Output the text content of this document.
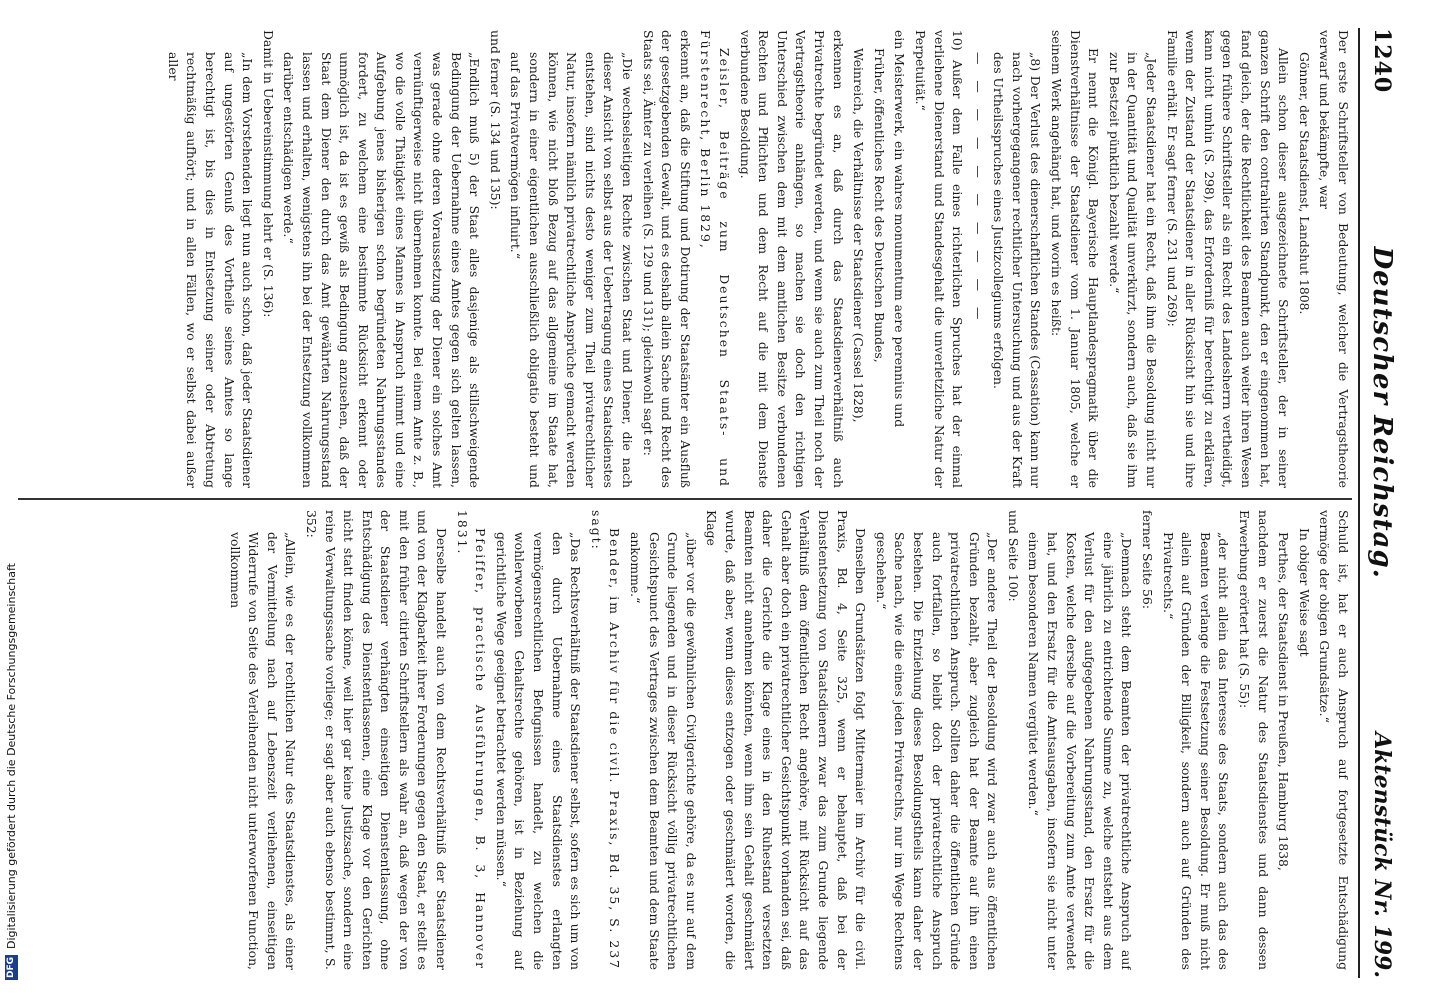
1240
Deutscher Reichstag.
Aktenstück Nr. 199.

Der erste Schriftsteller von Bedeutung, welcher die Vertragstheorie verwarf und bekämpfte, war

Gönner, der Staatsdienst, Landshut 1808.

Allein schon dieser ausgezeichnete Schriftsteller, der in seiner ganzen Schrift den contrahirten Standpunkt, den er eingenommen hat, fand gleich, der die Rechtlichkeit des Beamten auch weiter ihren Wesen gegen frühere Schriftsteller als ein Recht des Landesherrn vertheidigt, kann nicht umhin (S. 298), das Erforderniß für berechtigt zu erklären, wenn der Zustand der Staatsdiener in aller Rücksicht hin sie und ihre Familie erhält. Er sagt ferner (S. 231 und 269):

„Jeder Staatsdiener hat ein Recht, daß ihm die Besoldung nicht nur in der Quantität und Qualität unverkürzt, sondern auch, daß sie ihm zur Bestzeit pünktlich bezahlt werde.“

Er nennt die Königl. Bayerische Hauptlandespragmatik über die Dienstverhältnisse der Staatsdiener vom 1. Januar 1805, welche er seinem Werk angehängt hat, und worin es heißt:

„8) Der Verlust des dienerschaftlichen Standes (Cassation) kann nur nach vorhergegangener rechtlicher Untersuchung und aus der Kraft des Urtheilsspruches eines Justizcollegiums erfolgen.

— — — — — — — — — —

10) Außer dem Falle eines richterlichen Spruches hat der einmal verliehene Dienerstand und Standesgehalt die unverletzliche Natur der Perpetuität.“

ein Meisterwerk, ein wahres monumentum aere perennius und

Früher, öffentliches Recht des Deutschen Bundes,

Weinreich, die Verhältnisse der Staatsdiener (Cassel 1828),

erkennen es an, daß durch das Staatsdienerverhältniß auch Privatrechte begründet werden, und wenn sie auch zum Theil noch der Vertragstheorie anhängen, so machen sie doch den richtigen Unterschied zwischen dem mit dem amtlichen Besitze verbundenen Rechten und Pflichten und dem Recht auf die mit dem Dienste verbundene Besoldung.

Zeisler, Beiträge zum Deutschen Staats- und Fürstenrecht, Berlin 1829,

erkennt an, daß die Stiftung und Dotirung der Staatsämter ein Ausfluß der gesetzgebenden Gewalt, und es deshalb allein Sache und Recht des Staats sei, Ämter zu verleihen (S. 129 und 131); gleichwohl sagt er:

„Die wechselseitigen Rechte zwischen Staat und Diener, die nach dieser Ansicht von selbst aus der Uebertragung eines Staatsdienstes entstehen, sind nichts desto weniger zum Theil privatrechtlicher Natur, insofern nämlich privatrechtliche Ansprüche gemacht werden können, wie nicht bloß Bezug auf das allgemeine im Staate hat, sondern in einer eigentlichen ausschließlich obligatio besteht und auf das Privatvermögen influirt.“

und ferner (S. 134 und 135):

„Endlich muß 5) der Staat alles dasjenige als stillschweigende Bedingung der Uebernahme eines Amtes gegen sich gelten lassen, was gerade ohne deren Voraussetzung der Diener ein solches Amt vernünftigerweise nicht übernehmen konnte. Bei einem Amte z. B., wo die volle Thätigkeit eines Mannes in Anspruch nimmt und eine Aufgebung jenes bisherigen schon begründeten Nahrungsstandes fordert, zu welchem eine bestimmte Rücksicht erkennt oder unmöglich ist, da ist es gewiß als Bedingung anzusehen, daß der Staat dem Diener den durch das Amt gewährten Nahrungsstand lassen und erhalten, wenigstens ihn bei der Entsetzung vollkommen darüber entschädigen werde.“

Damit in Uebereinstimmung lehrt er (S. 136):

„In dem Vorstehenden liegt nun auch schon, daß jeder Staatsdiener auf ungestörten Genuß des Vortheile seines Amtes so lange berechtigt ist, bis dies in Entsetzung seiner oder Abtretung rechtmäßig aufhört; und in allen Fällen, wo er selbst dabei außer aller

Schuld ist, hat er auch Anspruch auf fortgesetzte Entschädigung vermöge der obigen Grundsätze.“

In obiger Weise sagt

Perthes, der Staatsdienst in Preußen, Hamburg 1838,

nachdem er zuerst die Natur des Staatsdienstes und dann dessen Erwerbung erörtert hat (S. 55):

„der nicht allein das Interesse des Staats, sondern auch das des Beamten verlange die Festsetzung seiner Besoldung. Er muß nicht allein auf Gründen der Billigkeit, sondern auch auf Gründen des Privatrechts.“

ferner Seite 56:

„Demnach steht dem Beamten der privatrechtliche Anspruch auf eine jährlich zu entrichtende Summe zu, welche entsteht aus dem Verlust für den aufgegebenen Nahrungsstand, den Ersatz für die Kosten, welche derselbe auf die Vorbereitung zum Amte verwendet hat, und den Ersatz für die Amtsausgaben, insofern sie nicht unter einem besonderen Namen vergütet werden.“

und Seite 100:

„Der andere Theil der Besoldung wird zwar auch aus öffentlichen Gründen bezahlt, aber zugleich hat der Beamte auf ihn einen privatrechtlichen Anspruch. Sollten daher die öffentlichen Gründe auch fortfallen, so bleibt doch der privatrechtliche Anspruch bestehen. Die Entziehung dieses Besoldungstheils kann daher der Sache nach, wie die eines jeden Privatrechts, nur im Wege Rechtens geschehen.“

Denselben Grundsätzen folgt Mittermaier im Archiv für die civil. Praxis, Bd. 4, Seite 325, wenn er behauptet, daß bei der Dienstentsetzung von Staatsdienern zwar das zum Grunde liegende Verhältniß dem öffentlichen Recht angehöre, mit Rücksicht auf das Gehalt aber doch ein privatrechtlicher Gesichtspunkt vorhanden sei, daß daher die Gerichte die Klage eines in den Ruhestand versetzten Beamten nicht annehmen könnten, wenn ihm sein Gehalt geschmälert wurde, daß aber, wenn dieses entzogen oder geschmälert worden, die Klage

„über vor die gewöhnlichen Civilgerichte gehöre, da es nur auf dem Grunde liegenden und in dieser Rücksicht völlig privatrechtlichen Gesichtspunct des Vertrages zwischen dem Beamten und dem Staate ankomme.“

Bender, im Archiv für die civil. Praxis, Bd. 35, S. 237 sagt:

„Das Rechtsverhältniß der Staatsdiener selbst, sofern es sich um von den durch Uebernahme eines Staatsdienstes erlangten vermögensrechtlichen Befugnissen handelt, zu welchen die wohlerworbenen Gehaltsrechte gehören, ist in Beziehung auf gerichtliche Wege geeignet betrachtet werden müssen.“

Pfeiffer, practische Ausführungen, B. 3, Hannover 1831.

Derselbe handelt auch von dem Rechtsverhältniß der Staatsdiener und von der Klagbarkeit ihrer Forderungen gegen den Staat, er stellt es mit den früher citirten Schriftstellern als wahr an, daß wegen der von der Staatsdiener verhängten einseitigen Dienstentlassung, ohne Entschädigung des Dienstentlassenen, eine Klage vor den Gerichten nicht statt finden könne, weil hier gar keine Justizsache, sondern eine reine Verwaltungssache vorliege; er sagt aber auch ebenso bestimmt, S. 352:

„Allein, wie es der rechtlichen Natur des Staatsdienstes, als einer der Vermittelung nach auf Lebenszeit verliehenen, einseitigen Widerrufe von Seite des Verleihenden nicht unterworfenen Function, vollkommen

DFG
Digitalisierung gefördert durch die Deutsche Forschungsgemeinschaft
